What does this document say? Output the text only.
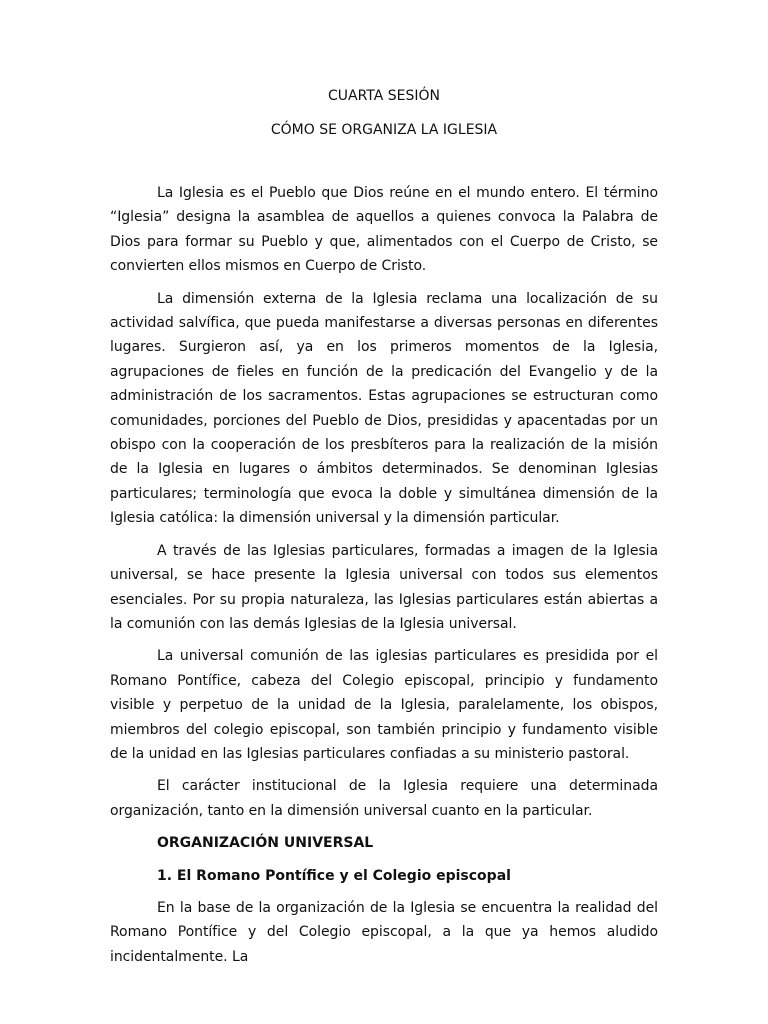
CUARTA SESIÓN
CÓMO SE ORGANIZA LA IGLESIA

La Iglesia es el Pueblo que Dios reúne en el mundo entero. El término “Iglesia” designa la asamblea de aquellos a quienes convoca la Palabra de Dios para formar su Pueblo y que, alimentados con el Cuerpo de Cristo, se convierten ellos mismos en Cuerpo de Cristo.

La dimensión externa de la Iglesia reclama una localización de su actividad salvífica, que pueda manifestarse a diversas personas en diferentes lugares. Surgieron así, ya en los primeros momentos de la Iglesia, agrupaciones de fieles en función de la predicación del Evangelio y de la administración de los sacramentos. Estas agrupaciones se estructuran como comunidades, porciones del Pueblo de Dios, presididas y apacentadas por un obispo con la cooperación de los presbíteros para la realización de la misión de la Iglesia en lugares o ámbitos determinados. Se denominan Iglesias particulares; terminología que evoca la doble y simultánea dimensión de la Iglesia católica: la dimensión universal y la dimensión particular.

A través de las Iglesias particulares, formadas a imagen de la Iglesia universal, se hace presente la Iglesia universal con todos sus elementos esenciales. Por su propia naturaleza, las Iglesias particulares están abiertas a la comunión con las demás Iglesias de la Iglesia universal.

La universal comunión de las iglesias particulares es presidida por el Romano Pontífice, cabeza del Colegio episcopal, principio y fundamento visible y perpetuo de la unidad de la Iglesia, paralelamente, los obispos, miembros del colegio episcopal, son también principio y fundamento visible de la unidad en las Iglesias particulares confiadas a su ministerio pastoral.

El carácter institucional de la Iglesia requiere una determinada organización, tanto en la dimensión universal cuanto en la particular.

ORGANIZACIÓN UNIVERSAL

1. El Romano Pontífice y el Colegio episcopal

En la base de la organización de la Iglesia se encuentra la realidad del Romano Pontífice y del Colegio episcopal, a la que ya hemos aludido incidentalmente. La
